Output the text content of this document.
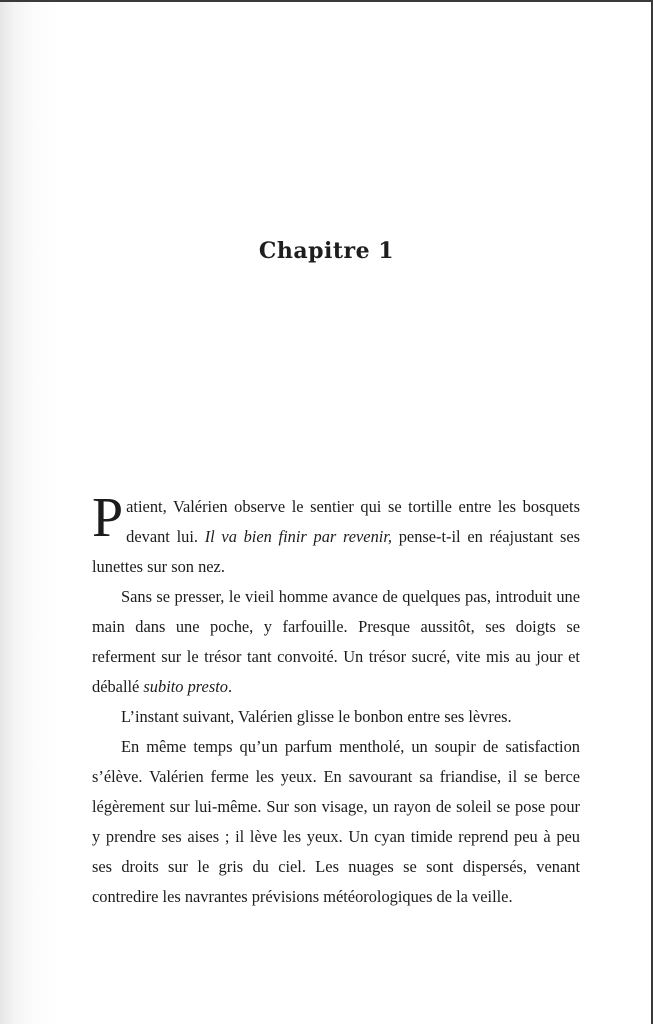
Chapitre 1

Patient, Valérien observe le sentier qui se tortille entre les bosquets devant lui. Il va bien finir par revenir, pense-t-il en réajustant ses lunettes sur son nez.

Sans se presser, le vieil homme avance de quelques pas, introduit une main dans une poche, y farfouille. Presque aussitôt, ses doigts se referment sur le trésor tant convoité. Un trésor sucré, vite mis au jour et déballé subito presto.

L’instant suivant, Valérien glisse le bonbon entre ses lèvres.

En même temps qu’un parfum mentholé, un soupir de satisfaction s’élève. Valérien ferme les yeux. En savourant sa friandise, il se berce légèrement sur lui-même. Sur son visage, un rayon de soleil se pose pour y prendre ses aises ; il lève les yeux. Un cyan timide reprend peu à peu ses droits sur le gris du ciel. Les nuages se sont dispersés, venant contredire les navrantes prévisions météorologiques de la veille.
